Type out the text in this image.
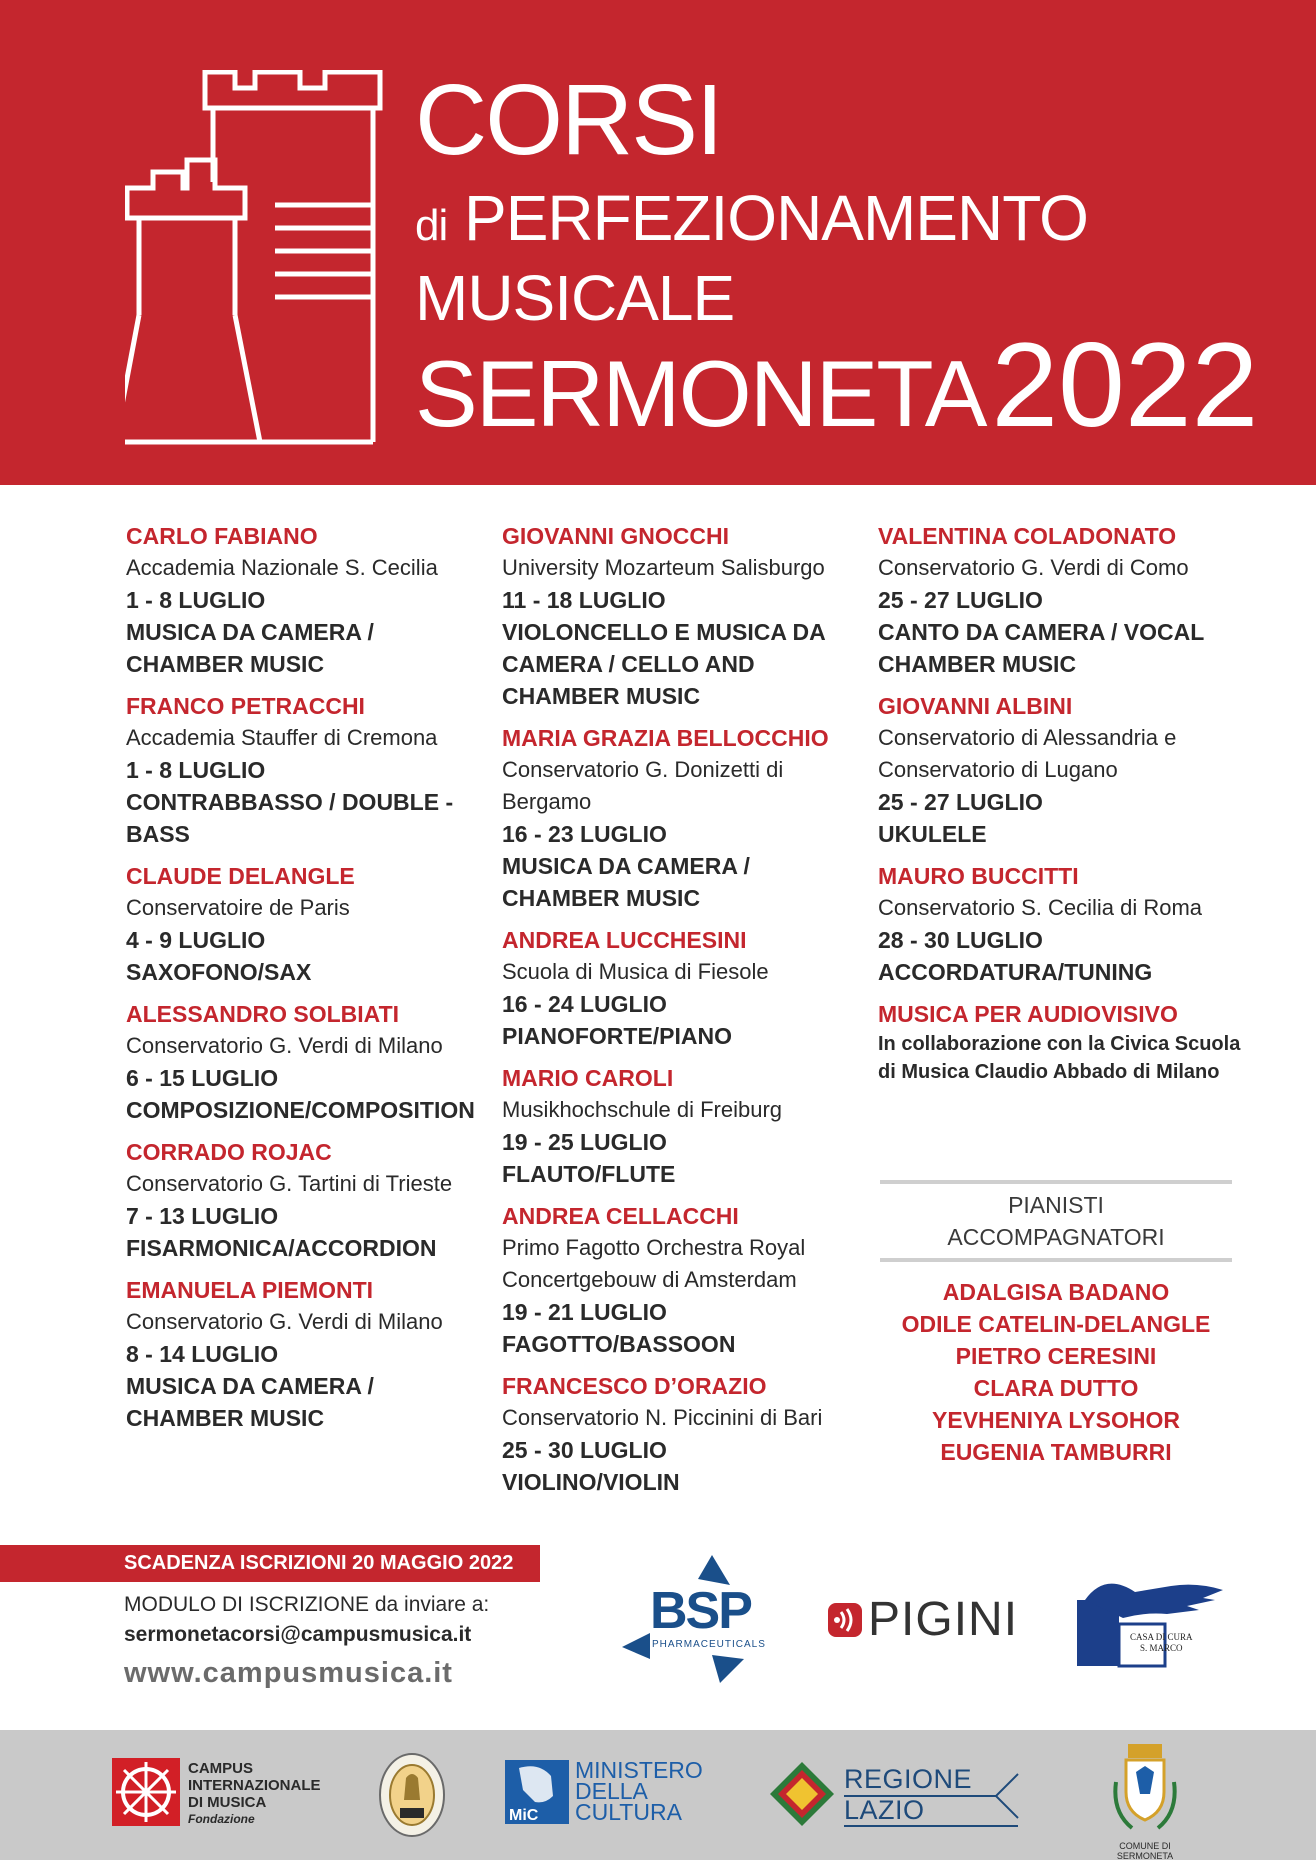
CORSI
di PERFEZIONAMENTO
MUSICALE
SERMONETA2022
CARLO FABIANO
Accademia Nazionale S. Cecilia
1 - 8 LUGLIO
MUSICA DA CAMERA / CHAMBER MUSIC
FRANCO PETRACCHI
Accademia Stauffer di Cremona
1 - 8 LUGLIO
CONTRABBASSO / DOUBLE - BASS
CLAUDE DELANGLE
Conservatoire de Paris
4 - 9 LUGLIO
SAXOFONO/SAX
ALESSANDRO SOLBIATI
Conservatorio G. Verdi di Milano
6 - 15 LUGLIO
COMPOSIZIONE/COMPOSITION
CORRADO ROJAC
Conservatorio G. Tartini di Trieste
7 - 13 LUGLIO
FISARMONICA/ACCORDION
EMANUELA PIEMONTI
Conservatorio G. Verdi di Milano
8 - 14 LUGLIO
MUSICA DA CAMERA / CHAMBER MUSIC
GIOVANNI GNOCCHI
University Mozarteum Salisburgo
11 - 18 LUGLIO
VIOLONCELLO E MUSICA DA CAMERA / CELLO AND CHAMBER MUSIC
MARIA GRAZIA BELLOCCHIO
Conservatorio G. Donizetti di Bergamo
16 - 23 LUGLIO
MUSICA DA CAMERA / CHAMBER MUSIC
ANDREA LUCCHESINI
Scuola di Musica di Fiesole
16 - 24 LUGLIO
PIANOFORTE/PIANO
MARIO CAROLI
Musikhochschule di Freiburg
19 - 25 LUGLIO
FLAUTO/FLUTE
ANDREA CELLACCHI
Primo Fagotto Orchestra Royal Concertgebouw di Amsterdam
19 - 21 LUGLIO
FAGOTTO/BASSOON
FRANCESCO D’ORAZIO
Conservatorio N. Piccinini di Bari
25 - 30 LUGLIO
VIOLINO/VIOLIN
VALENTINA COLADONATO
Conservatorio G. Verdi di Como
25 - 27 LUGLIO
CANTO DA CAMERA / VOCAL CHAMBER MUSIC
GIOVANNI ALBINI
Conservatorio di Alessandria e Conservatorio di Lugano
25 - 27 LUGLIO
UKULELE
MAURO BUCCITTI
Conservatorio S. Cecilia di Roma
28 - 30 LUGLIO
ACCORDATURA/TUNING
MUSICA PER AUDIOVISIVO
In collaborazione con la Civica Scuola di Musica Claudio Abbado di Milano
PIANISTI
ACCOMPAGNATORI
ADALGISA BADANO
ODILE CATELIN-DELANGLE
PIETRO CERESINI
CLARA DUTTO
YEVHENIYA LYSOHOR
EUGENIA TAMBURRI
SCADENZA ISCRIZIONI 20 MAGGIO 2022
MODULO DI ISCRIZIONE da inviare a:
sermonetacorsi@campusmusica.it
www.campusmusica.it
BSP
PHARMACEUTICALS PIGINI	CASA DI CURA
S. MARCO
CAMPUS
INTERNAZIONALE
DI MUSICA
Fondazione	MiC
MINISTERO
DELLA
CULTURA
REGIONE
LAZIO
COMUNE DI SERMONETA
